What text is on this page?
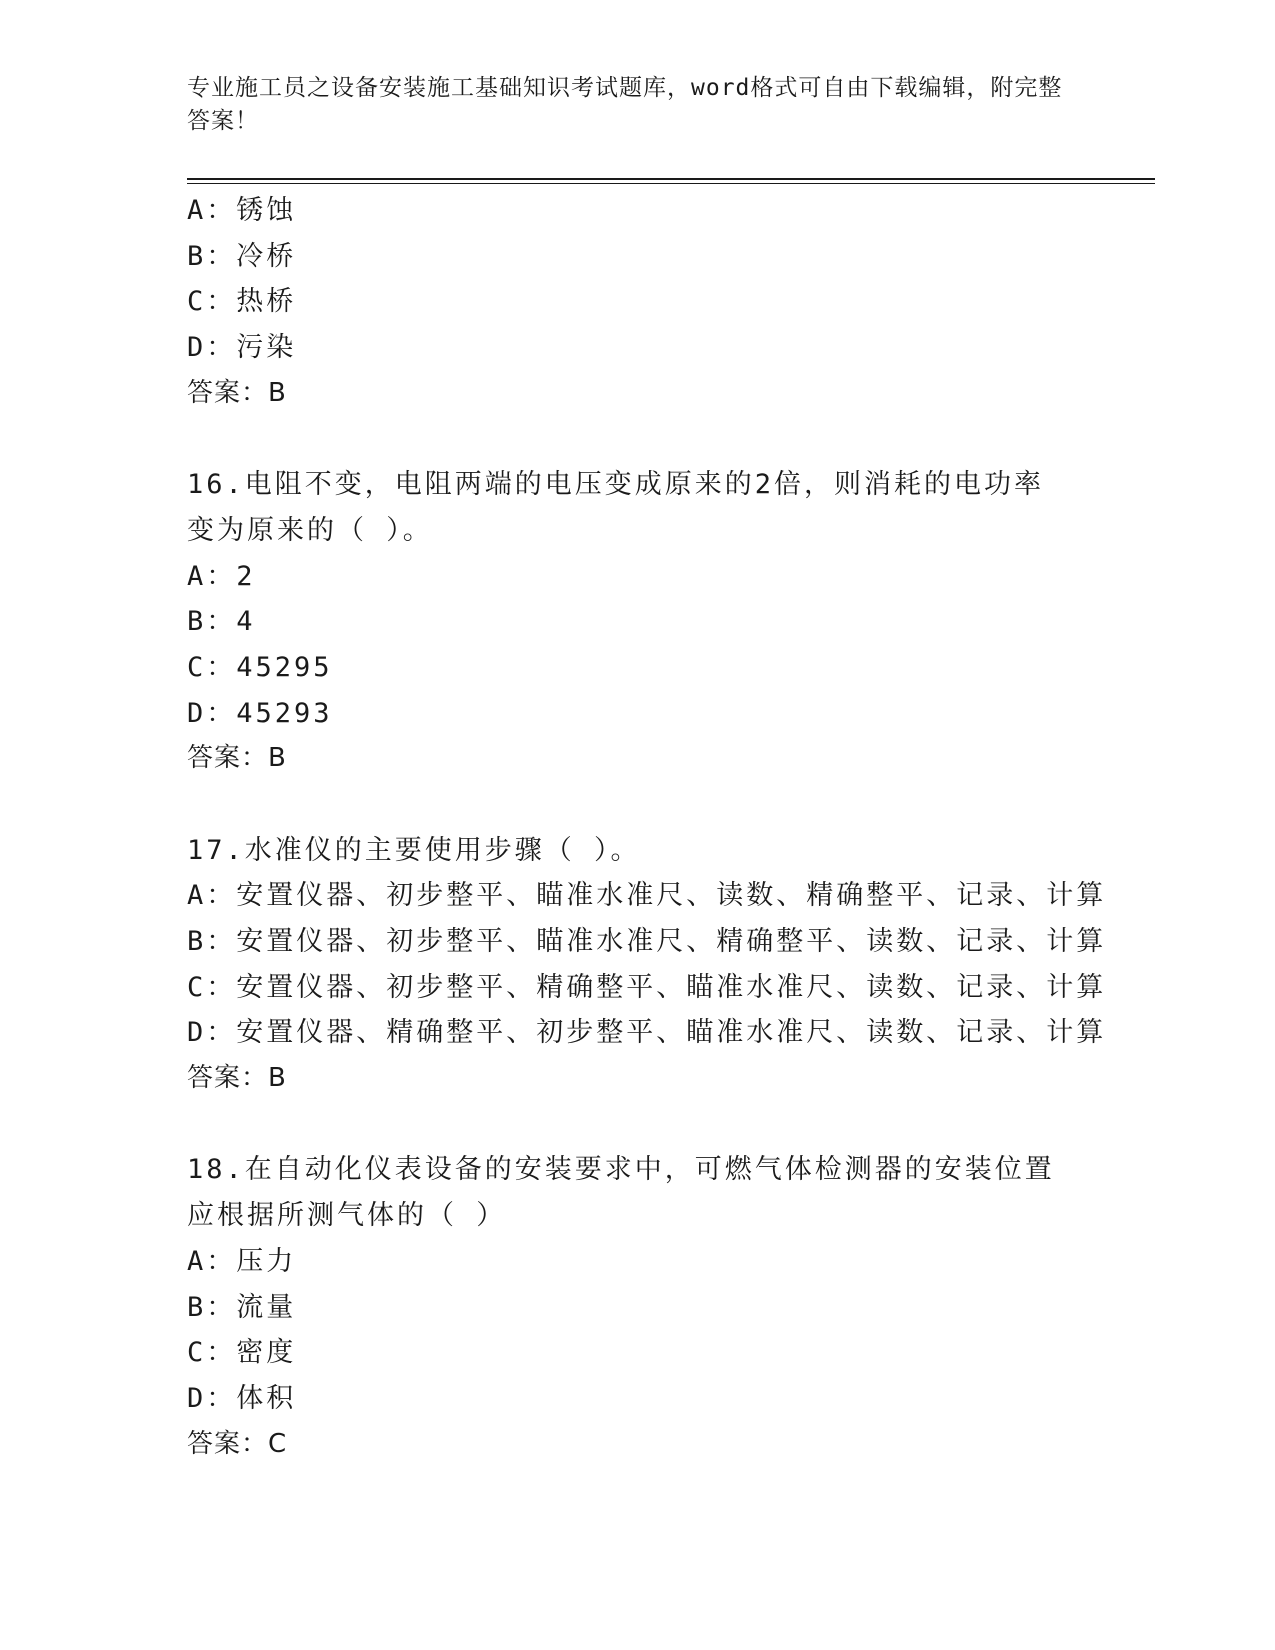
专业施工员之设备安装施工基础知识考试题库，word格式可自由下载编辑，附完整答案！
A：锈蚀
B：冷桥
C：热桥
D：污染
答案：B
16.电阻不变，电阻两端的电压变成原来的2倍，则消耗的电功率变为原来的（ ）。
A：2
B：4
C：45295
D：45293
答案：B
17.水准仪的主要使用步骤（ ）。
A：安置仪器、初步整平、瞄准水准尺、读数、精确整平、记录、计算
B：安置仪器、初步整平、瞄准水准尺、精确整平、读数、记录、计算
C：安置仪器、初步整平、精确整平、瞄准水准尺、读数、记录、计算
D：安置仪器、精确整平、初步整平、瞄准水准尺、读数、记录、计算
答案：B
18.在自动化仪表设备的安装要求中，可燃气体检测器的安装位置应根据所测气体的（ ）
A：压力
B：流量
C：密度
D：体积
答案：C
